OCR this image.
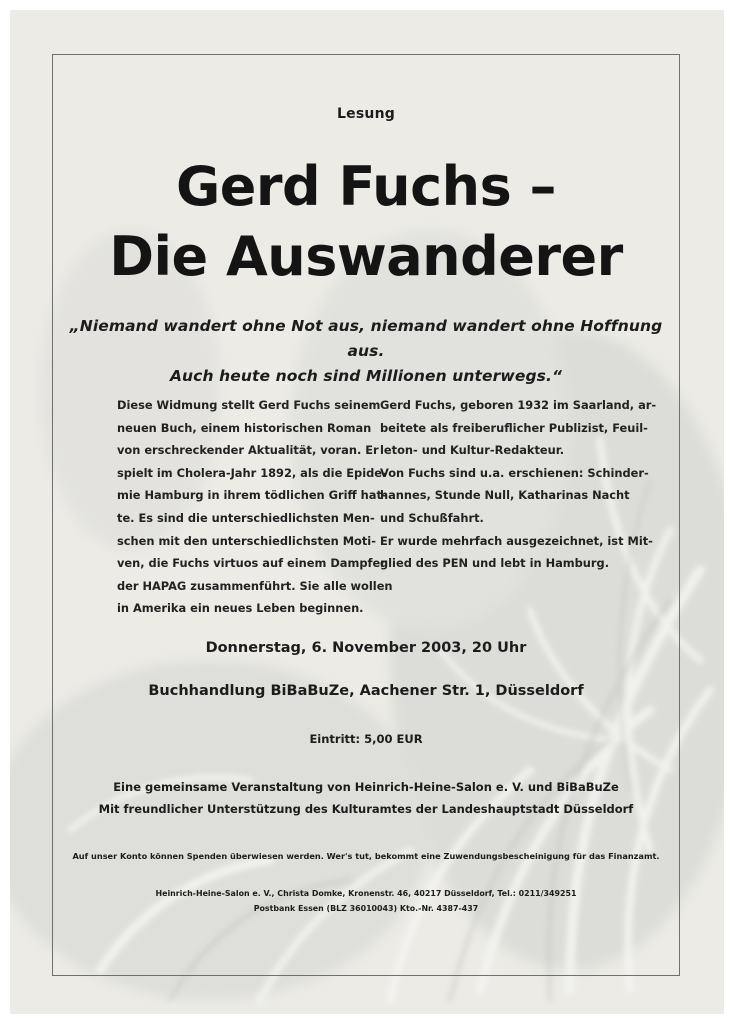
Lesung
Gerd Fuchs –
Die Auswanderer
„Niemand wandert ohne Not aus, niemand wandert ohne Hoffnung aus.
Auch heute noch sind Millionen unterwegs.“
Diese Widmung stellt Gerd Fuchs seinem
neuen Buch, einem historischen Roman
von erschreckender Aktualität, voran. Er
spielt im Cholera-Jahr 1892, als die Epide-
mie Hamburg in ihrem tödlichen Griff hat-
te. Es sind die unterschiedlichsten Men-
schen mit den unterschiedlichsten Moti-
ven, die Fuchs virtuos auf einem Dampfer
der HAPAG zusammenführt. Sie alle wollen
in Amerika ein neues Leben beginnen.
Gerd Fuchs, geboren 1932 im Saarland, ar-
beitete als freiberuflicher Publizist, Feuil-
leton- und Kultur-Redakteur.
Von Fuchs sind u.a. erschienen: Schinder-
hannes, Stunde Null, Katharinas Nacht
und Schußfahrt.
Er wurde mehrfach ausgezeichnet, ist Mit-
glied des PEN und lebt in Hamburg.
Donnerstag, 6. November 2003, 20 Uhr
Buchhandlung BiBaBuZe, Aachener Str. 1, Düsseldorf
Eintritt: 5,00 EUR
Eine gemeinsame Veranstaltung von Heinrich-Heine-Salon e. V. und BiBaBuZe
Mit freundlicher Unterstützung des Kulturamtes der Landeshauptstadt Düsseldorf
Auf unser Konto können Spenden überwiesen werden. Wer's tut, bekommt eine Zuwendungsbescheinigung für das Finanzamt.
Heinrich-Heine-Salon e. V., Christa Domke, Kronenstr. 46, 40217 Düsseldorf, Tel.: 0211/349251
Postbank Essen (BLZ 36010043) Kto.-Nr. 4387-437
